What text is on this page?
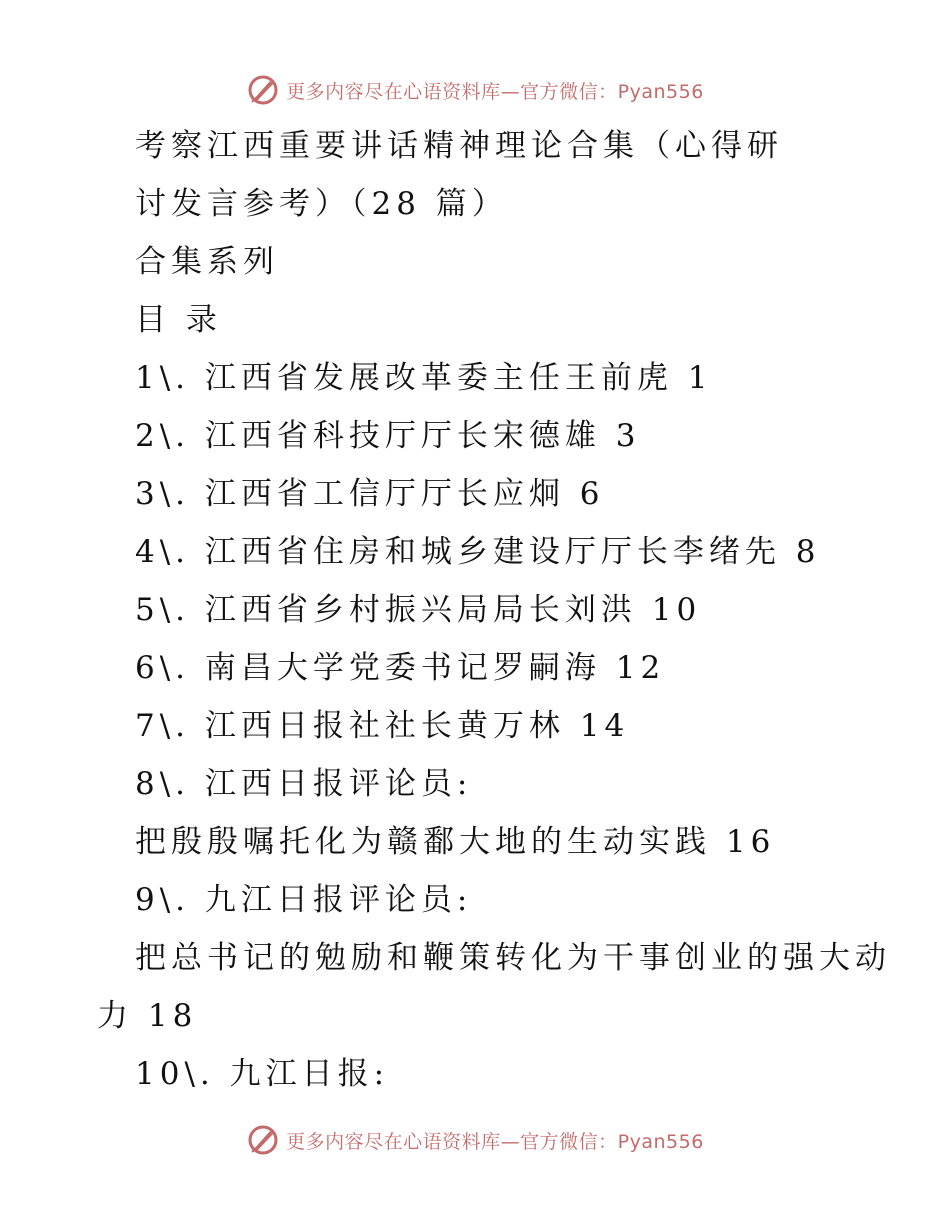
更多内容尽在心语资料库—官方微信：Pyan556
考察江西重要讲话精神理论合集（心得研
讨发言参考）（28 篇）
合集系列
目 录
1\. 江西省发展改革委主任王前虎 1
2\. 江西省科技厅厅长宋德雄 3
3\. 江西省工信厅厅长应炯 6
4\. 江西省住房和城乡建设厅厅长李绪先 8
5\. 江西省乡村振兴局局长刘洪 10
6\. 南昌大学党委书记罗嗣海 12
7\. 江西日报社社长黄万林 14
8\. 江西日报评论员:
把殷殷嘱托化为赣鄱大地的生动实践 16
9\. 九江日报评论员:
把总书记的勉励和鞭策转化为干事创业的强大动
力 18
10\. 九江日报:
更多内容尽在心语资料库—官方微信：Pyan556
